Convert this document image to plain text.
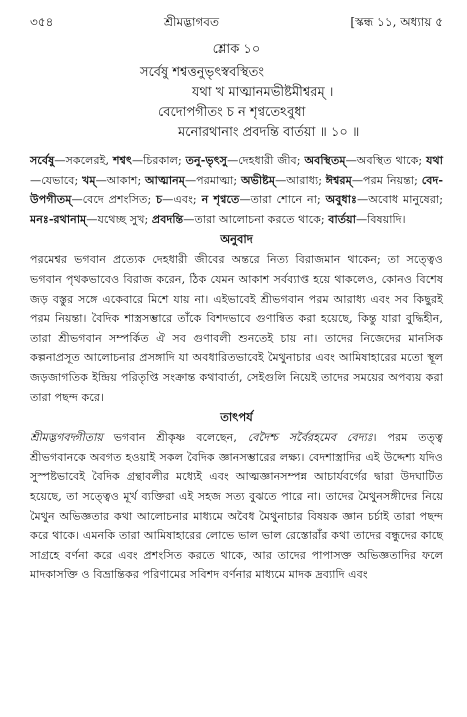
৩৫৪	শ্রীমদ্ভাগবত	[স্কন্ধ ১১, অধ্যায় ৫
শ্লোক ১০
সর্বেষু শশ্বত্তনুভৃৎস্ববস্থিতং
যথা খ মাত্মানমভীষ্টমীশ্বরম্ ।
বেদোপগীতং চ ন শৃণ্বতেঽবুধা
মনোরথানাং প্রবদন্তি বার্তয়া ॥ ১০ ॥

সর্বেষু—সকলেরই, শশ্বৎ—চিরকাল; তনু-ভৃৎসু—দেহধারী জীব; অবস্থিতম্—অবস্থিত থাকে; যথা—যেভাবে; খম্—আকাশ; আত্মানম্—পরমাত্মা; অভীষ্টম্—আরাধ্য; ঈশ্বরম্—পরম নিয়ন্তা; বেদ-উপগীতম্—বেদে প্রশংসিত; চ—এবং; ন শৃণ্বতে—তারা শোনে না; অবুধাঃ—অবোধ মানুষেরা; মনঃ-রথানাম্—যথেচ্ছ সুখ; প্রবদন্তি—তারা আলোচনা করতে থাকে; বার্তয়া—বিষয়াদি।

অনুবাদ

পরমেশ্বর ভগবান প্রত্যেক দেহধারী জীবের অন্তরে নিত্য বিরাজমান থাকেন; তা সত্ত্বেও ভগবান পৃথকভাবেও বিরাজ করেন, ঠিক যেমন আকাশ সর্বব্যাপ্ত হয়ে থাকলেও, কোনও বিশেষ জড় বস্তুর সঙ্গে একেবারে মিশে যায় না। এইভাবেই শ্রীভগবান পরম আরাধ্য এবং সব কিছুরই পরম নিয়ন্তা। বৈদিক শাস্ত্রসম্ভারে তাঁকে বিশদভাবে গুণান্বিত করা হয়েছে, কিন্তু যারা বুদ্ধিহীন, তারা শ্রীভগবান সম্পর্কিত ঐ সব গুণাবলী শুনতেই চায় না। তাদের নিজেদের মানসিক কল্পনাপ্রসূত আলোচনার প্রসঙ্গাদি যা অবধারিতভাবেই মৈথুনাচার এবং আমিষাহারের মতো স্থূল জড়জাগতিক ইন্দ্রিয় পরিতৃপ্তি সংক্রান্ত কথাবার্তা, সেইগুলি নিয়েই তাদের সময়ের অপব্যয় করা তারা পছন্দ করে।

তাৎপর্য

শ্রীমদ্ভগবদ্গীতায় ভগবান শ্রীকৃষ্ণ বলেছেন, বেদৈশ্চ সর্বৈরহমেব বেদ্যঃ। পরম তত্ত্ব শ্রীভগবানকে অবগত হওয়াই সকল বৈদিক জ্ঞানসম্ভারের লক্ষ্য। বেদশাস্ত্রাদির এই উদ্দেশ্য যদিও সুস্পষ্টভাবেই বৈদিক গ্রন্থাবলীর মধ্যেই এবং আত্মজ্ঞানসম্পন্ন আচার্যবর্গের দ্বারা উদঘাটিত হয়েছে, তা সত্ত্বেও মূর্খ ব্যক্তিরা এই সহজ সত্য বুঝতে পারে না। তাদের মৈথুনসঙ্গীদের নিয়ে মৈথুন অভিজ্ঞতার কথা আলোচনার মাধ্যমে অবৈধ মৈথুনাচার বিষয়ক জ্ঞান চর্চাই তারা পছন্দ করে থাকে। এমনকি তারা আমিষাহারের লোভে ভাল ভাল রেস্তোরাঁর কথা তাদের বন্ধুদের কাছে সাগ্রহে বর্ণনা করে এবং প্রশংসিত করতে থাকে, আর তাদের পাপাসক্ত অভিজ্ঞতাদির ফলে মাদকাসক্তি ও বিভ্রান্তিকর পরিণামের সবিশদ বর্ণনার মাধ্যমে মাদক দ্রব্যাদি এবং
